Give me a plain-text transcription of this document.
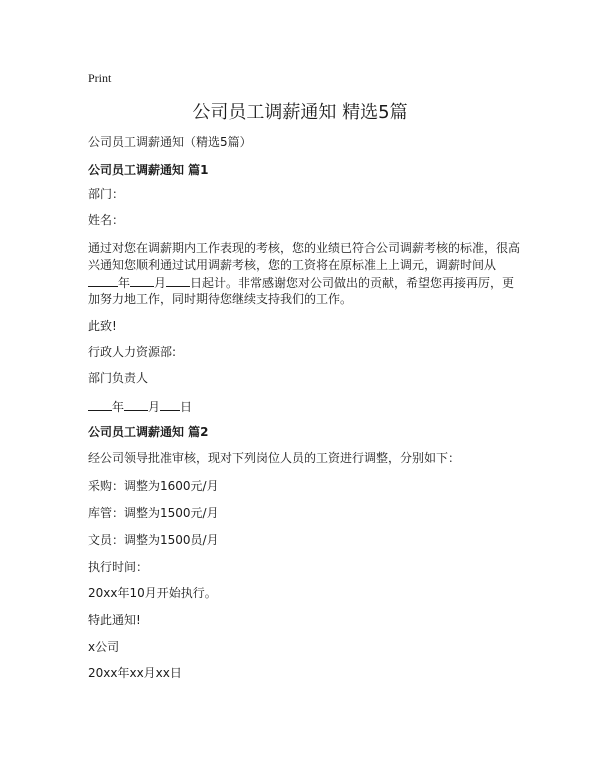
Print
公司员工调薪通知 精选5篇
公司员工调薪通知（精选5篇）
公司员工调薪通知 篇1
部门：
姓名：
通过对您在调薪期内工作表现的考核，您的业绩已符合公司调薪考核的标准，很高
兴通知您顺利通过试用调薪考核，您的工资将在原标准上上调元，调薪时间从
年 月 日起计。非常感谢您对公司做出的贡献，希望您再接再厉，更
加努力地工作，同时期待您继续支持我们的工作。
此致!
行政人力资源部:
部门负责人
年 月 日
公司员工调薪通知 篇2
经公司领导批准审核，现对下列岗位人员的工资进行调整，分别如下：
采购：调整为1600元/月
库管：调整为1500元/月
文员：调整为1500员/月
执行时间：
20xx年10月开始执行。
特此通知!
x公司
20xx年xx月xx日
